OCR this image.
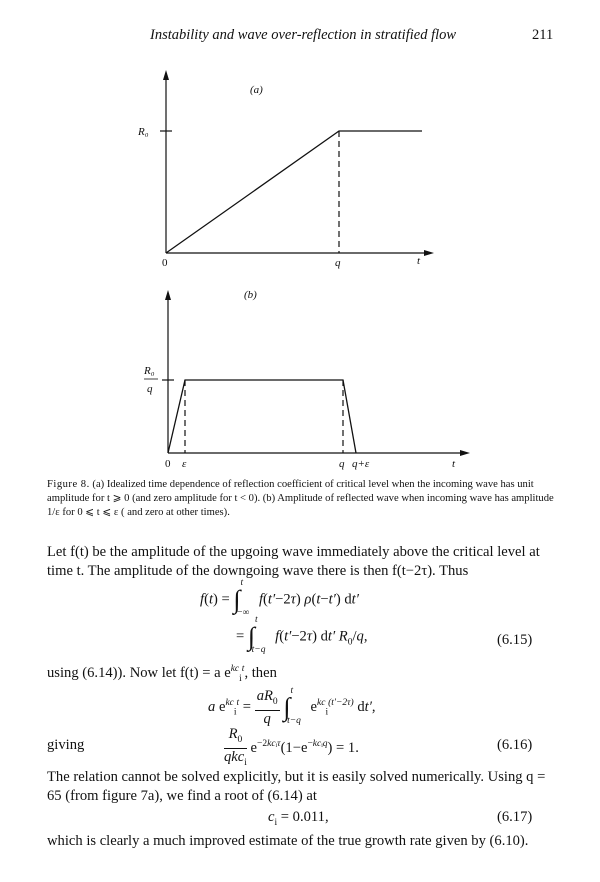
Instability and wave over-reflection in stratified flow	211
(a)
R₀
0	q	t
(b)
R₀
q
0 ε	q q+ε	t
Figure 8. (a) Idealized time dependence of reflection coefficient of critical level when the incoming wave has unit amplitude for t ⩾ 0 (and zero amplitude for t < 0). (b) Amplitude of reflected wave when incoming wave has amplitude 1/ε for 0 ⩽ t ⩽ ε ( and zero at other times).
Let f(t) be the amplitude of the upgoing wave immediately above the critical level at time t. The amplitude of the downgoing wave there is then f(t−2τ). Thus
f(t) = ∫$^t_{-\infty}$ f(t′−2τ) ρ(t−t′) dt′
= ∫$^t_{t-q}$ f(t′−2τ) dt′ $R_0/q$,	(6.15)
using (6.14)). Now let f(t) = a $e^{kc}_i^t$, then
a $e^{kc}_i^t = \frac{aR_0}{q} \int^t_{t-q}$ $e^{kc}_i^{(t'-2\tau)}$ dt′,
giving	$\frac{R_0}{qkc_i} e^{-2kcᵢ\tau}(1-e^{-kcᵢq}) = 1$.	(6.16)
The relation cannot be solved explicitly, but it is easily solved numerically. Using q = 65 (from figure 7a), we find a root of (6.14) at
$c_i = 0.011$,	(6.17)
which is clearly a much improved estimate of the true growth rate given by (6.10).
